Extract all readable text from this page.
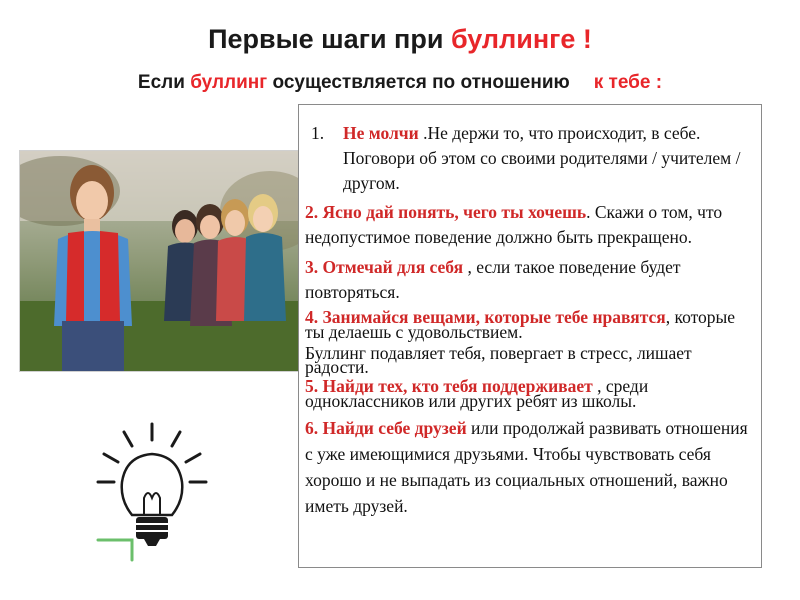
Первые шаги при буллинге !
Если буллинг осуществляется по отношению к тебе :

1. Не молчи .Не держи то, что происходит, в себе. Поговори об этом со своими родителями / учителем / другом.

2. Ясно дай понять, чего ты хочешь. Скажи о том, что недопустимое поведение должно быть прекращено.

3. Отмечай для себя , если такое поведение будет повторяться.

4. Занимайся вещами, которые тебе нравятся, которые ты делаешь с удовольствием.

Буллинг подавляет тебя, повергает в стресс, лишает радости.

5. Найди тех, кто тебя поддерживает , среди одноклассников или других ребят из школы.

6. Найди себе друзей или продолжай развивать отношения с уже имеющимися друзьями. Чтобы чувствовать себя хорошо и не выпадать из социальных отношений, важно иметь друзей.
